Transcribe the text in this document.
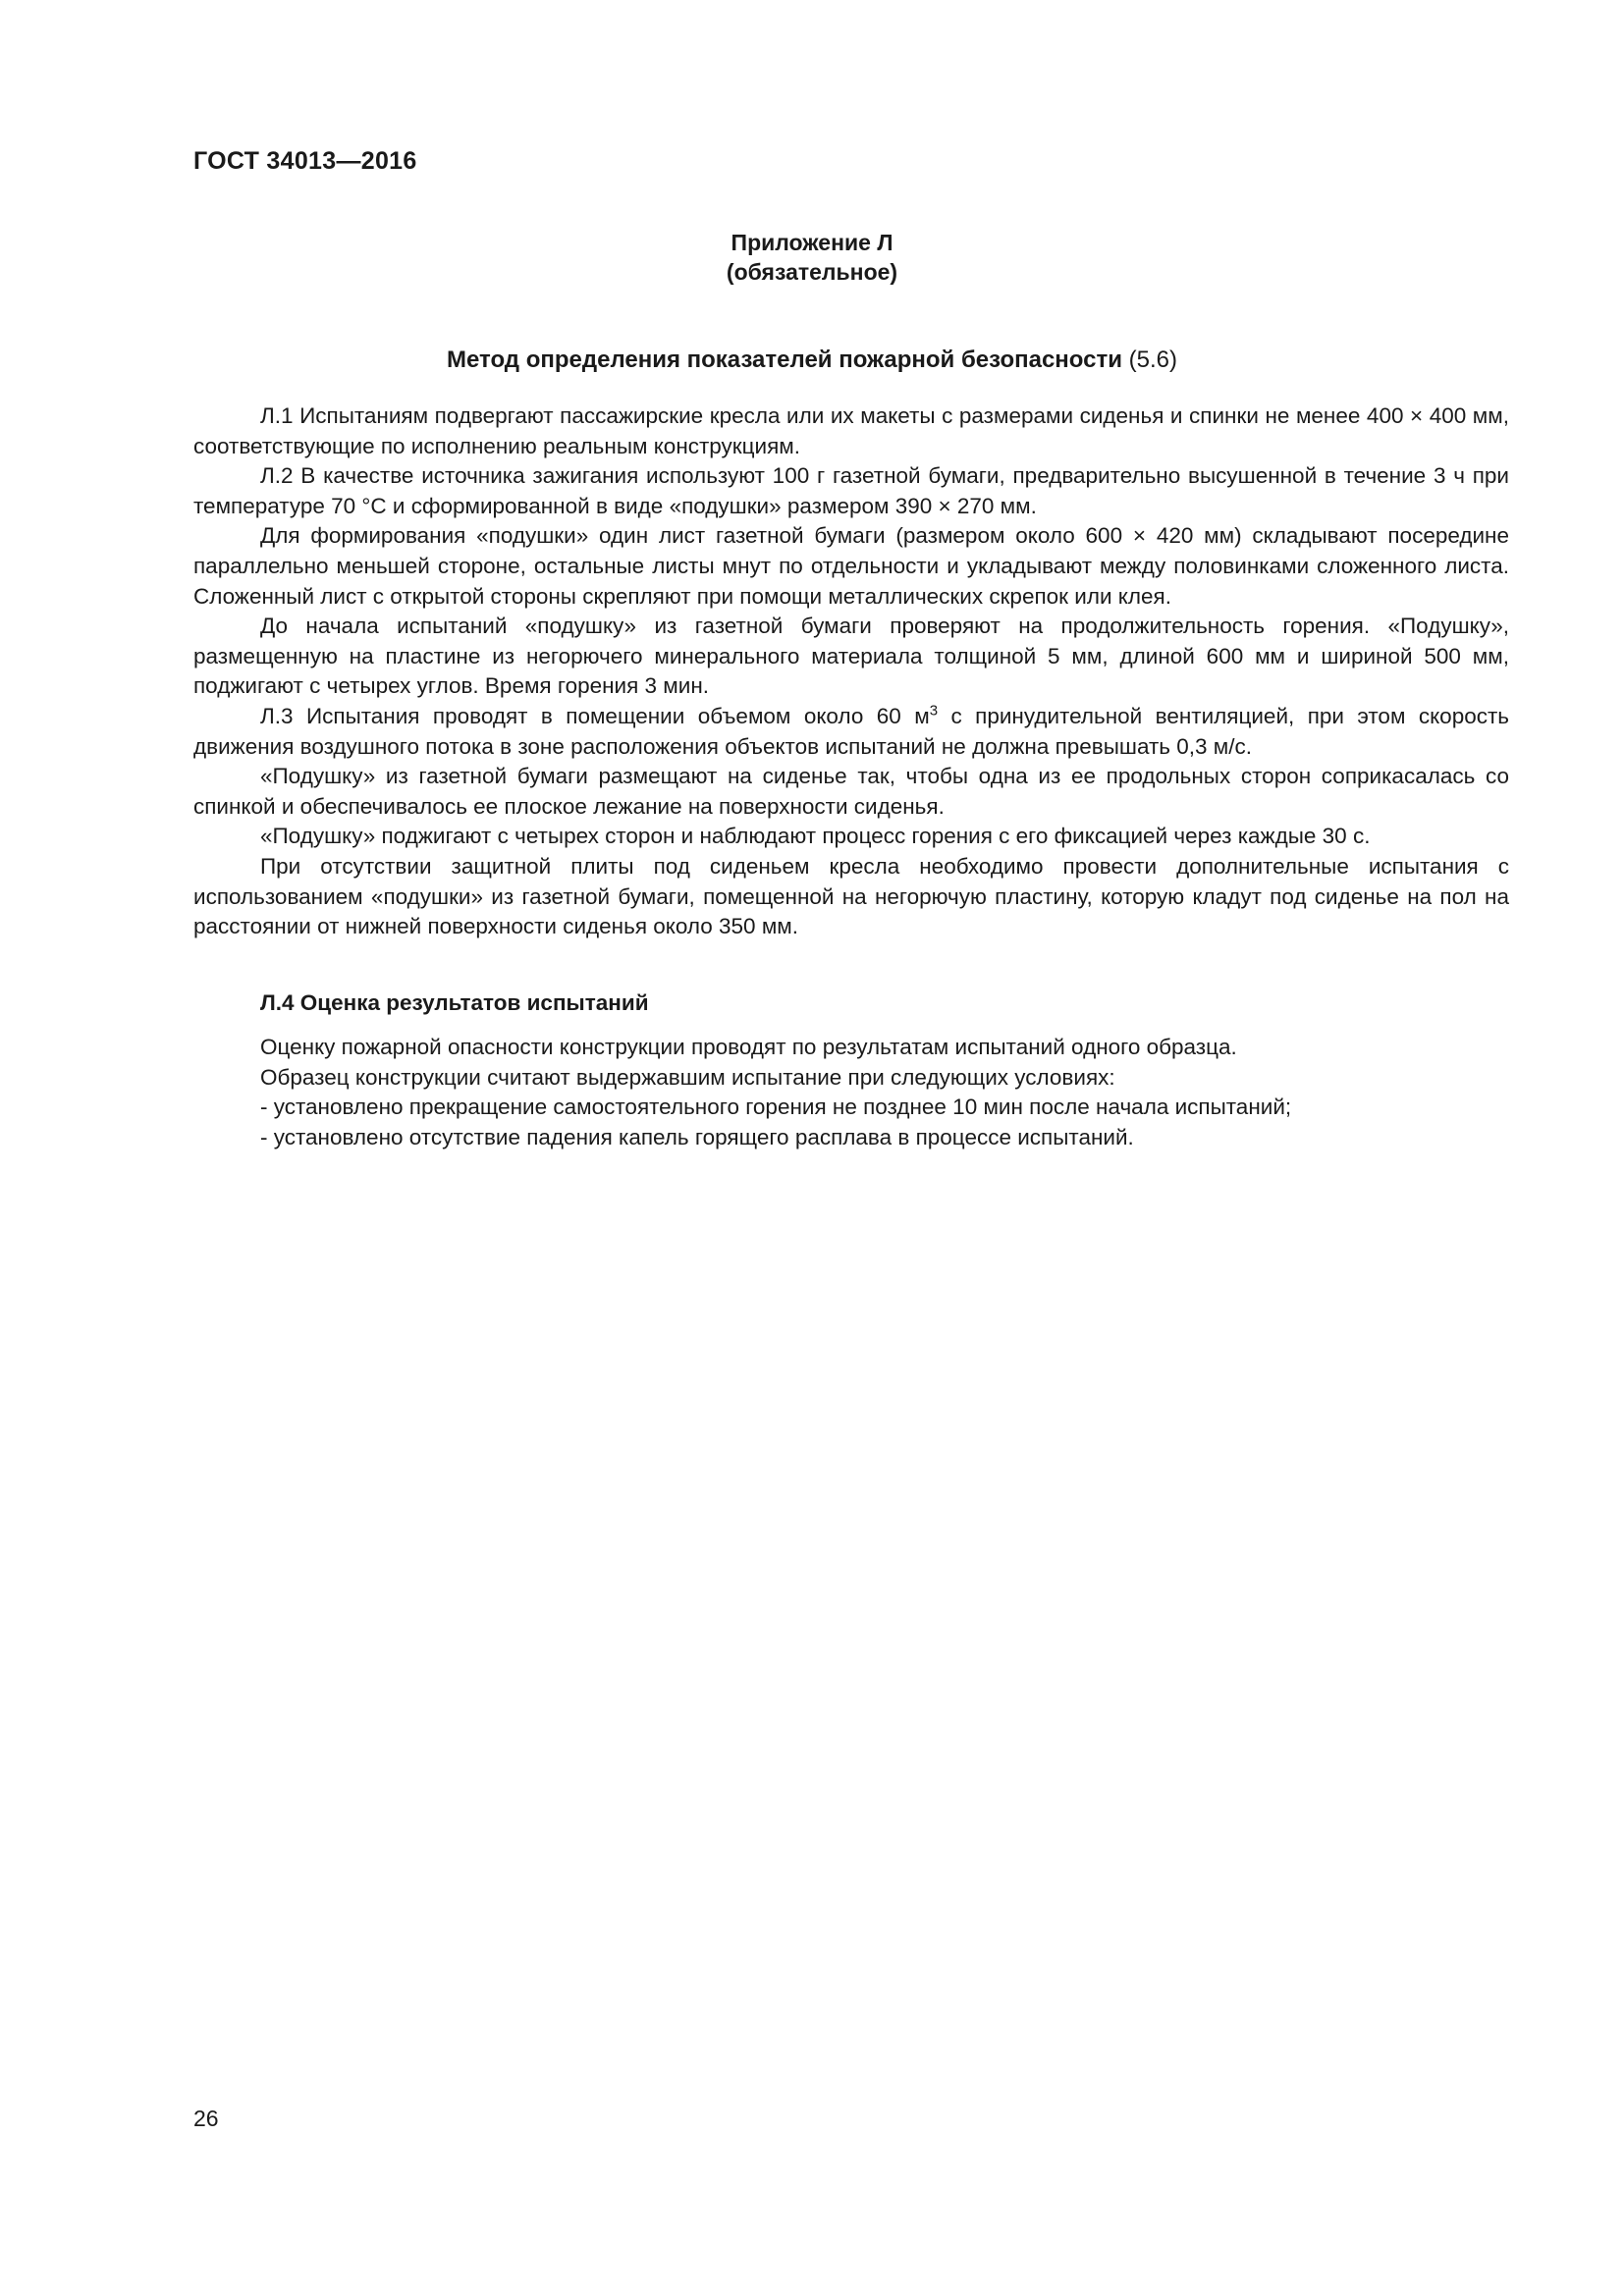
ГОСТ 34013—2016
Приложение Л
(обязательное)
Метод определения показателей пожарной безопасности (5.6)

Л.1 Испытаниям подвергают пассажирские кресла или их макеты с размерами сиденья и спинки не менее 400 × 400 мм, соответствующие по исполнению реальным конструкциям.

Л.2 В качестве источника зажигания используют 100 г газетной бумаги, предварительно высушенной в течение 3 ч при температуре 70 °С и сформированной в виде «подушки» размером 390 × 270 мм.

Для формирования «подушки» один лист газетной бумаги (размером около 600 × 420 мм) складывают посередине параллельно меньшей стороне, остальные листы мнут по отдельности и укладывают между половинками сложенного листа. Сложенный лист с открытой стороны скрепляют при помощи металлических скрепок или клея.

До начала испытаний «подушку» из газетной бумаги проверяют на продолжительность горения. «Подушку», размещенную на пластине из негорючего минерального материала толщиной 5 мм, длиной 600 мм и шириной 500 мм, поджигают с четырех углов. Время горения 3 мин.

Л.3 Испытания проводят в помещении объемом около 60 $м^3$ с принудительной вентиляцией, при этом скорость движения воздушного потока в зоне расположения объектов испытаний не должна превышать 0,3 м/с.

«Подушку» из газетной бумаги размещают на сиденье так, чтобы одна из ее продольных сторон соприкасалась со спинкой и обеспечивалось ее плоское лежание на поверхности сиденья.

«Подушку» поджигают с четырех сторон и наблюдают процесс горения с его фиксацией через каждые 30 с.

При отсутствии защитной плиты под сиденьем кресла необходимо провести дополнительные испытания с использованием «подушки» из газетной бумаги, помещенной на негорючую пластину, которую кладут под сиденье на пол на расстоянии от нижней поверхности сиденья около 350 мм.

Л.4 Оценка результатов испытаний

Оценку пожарной опасности конструкции проводят по результатам испытаний одного образца.

Образец конструкции считают выдержавшим испытание при следующих условиях:

- установлено прекращение самостоятельного горения не позднее 10 мин после начала испытаний;

- установлено отсутствие падения капель горящего расплава в процессе испытаний.

26
